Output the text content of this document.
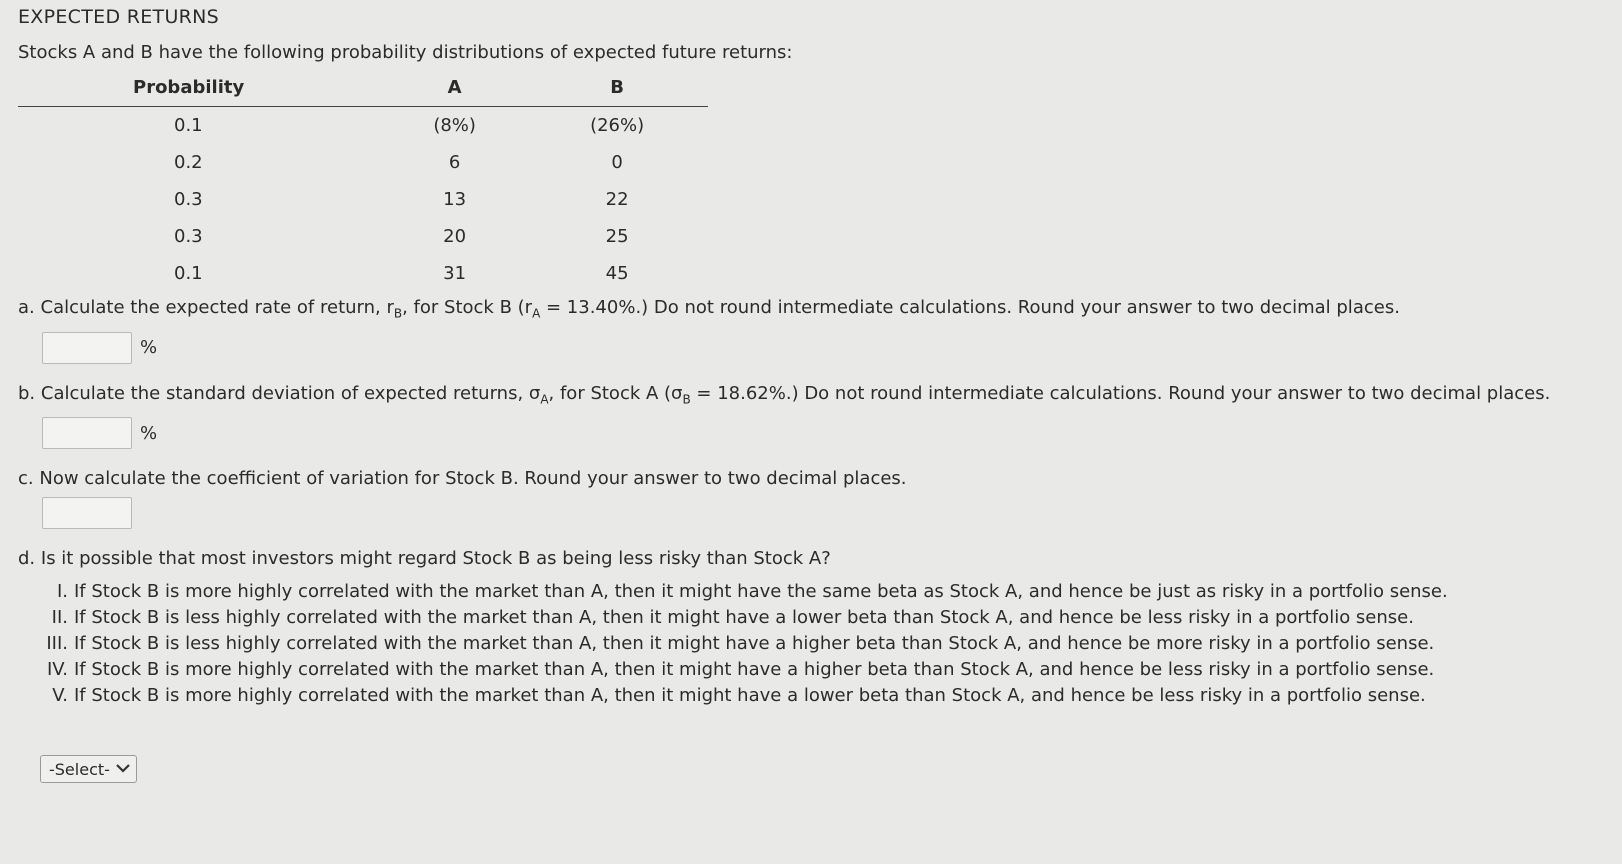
EXPECTED RETURNS
Stocks A and B have the following probability distributions of expected future returns:
Probability	A	B
0.1	(8%)	(26%)
0.2	6	0
0.3	13	22
0.3	20	25
0.1	31	45
a. Calculate the expected rate of return, $r_B$, for Stock B $(r_A = 13.40\%.)$ Do not round intermediate calculations. Round your answer to two decimal places.
%
b. Calculate the standard deviation of expected returns, $\sigma_A$, for Stock A $(\sigma_B = 18.62\%.)$ Do not round intermediate calculations. Round your answer to two decimal places.
%
c. Now calculate the coefficient of variation for Stock B. Round your answer to two decimal places.
d. Is it possible that most investors might regard Stock B as being less risky than Stock A?
I. If Stock B is more highly correlated with the market than A, then it might have the same beta as Stock A, and hence be just as risky in a portfolio sense.
II. If Stock B is less highly correlated with the market than A, then it might have a lower beta than Stock A, and hence be less risky in a portfolio sense.
III. If Stock B is less highly correlated with the market than A, then it might have a higher beta than Stock A, and hence be more risky in a portfolio sense.
IV. If Stock B is more highly correlated with the market than A, then it might have a higher beta than Stock A, and hence be less risky in a portfolio sense.
V. If Stock B is more highly correlated with the market than A, then it might have a lower beta than Stock A, and hence be less risky in a portfolio sense.
-Select-
